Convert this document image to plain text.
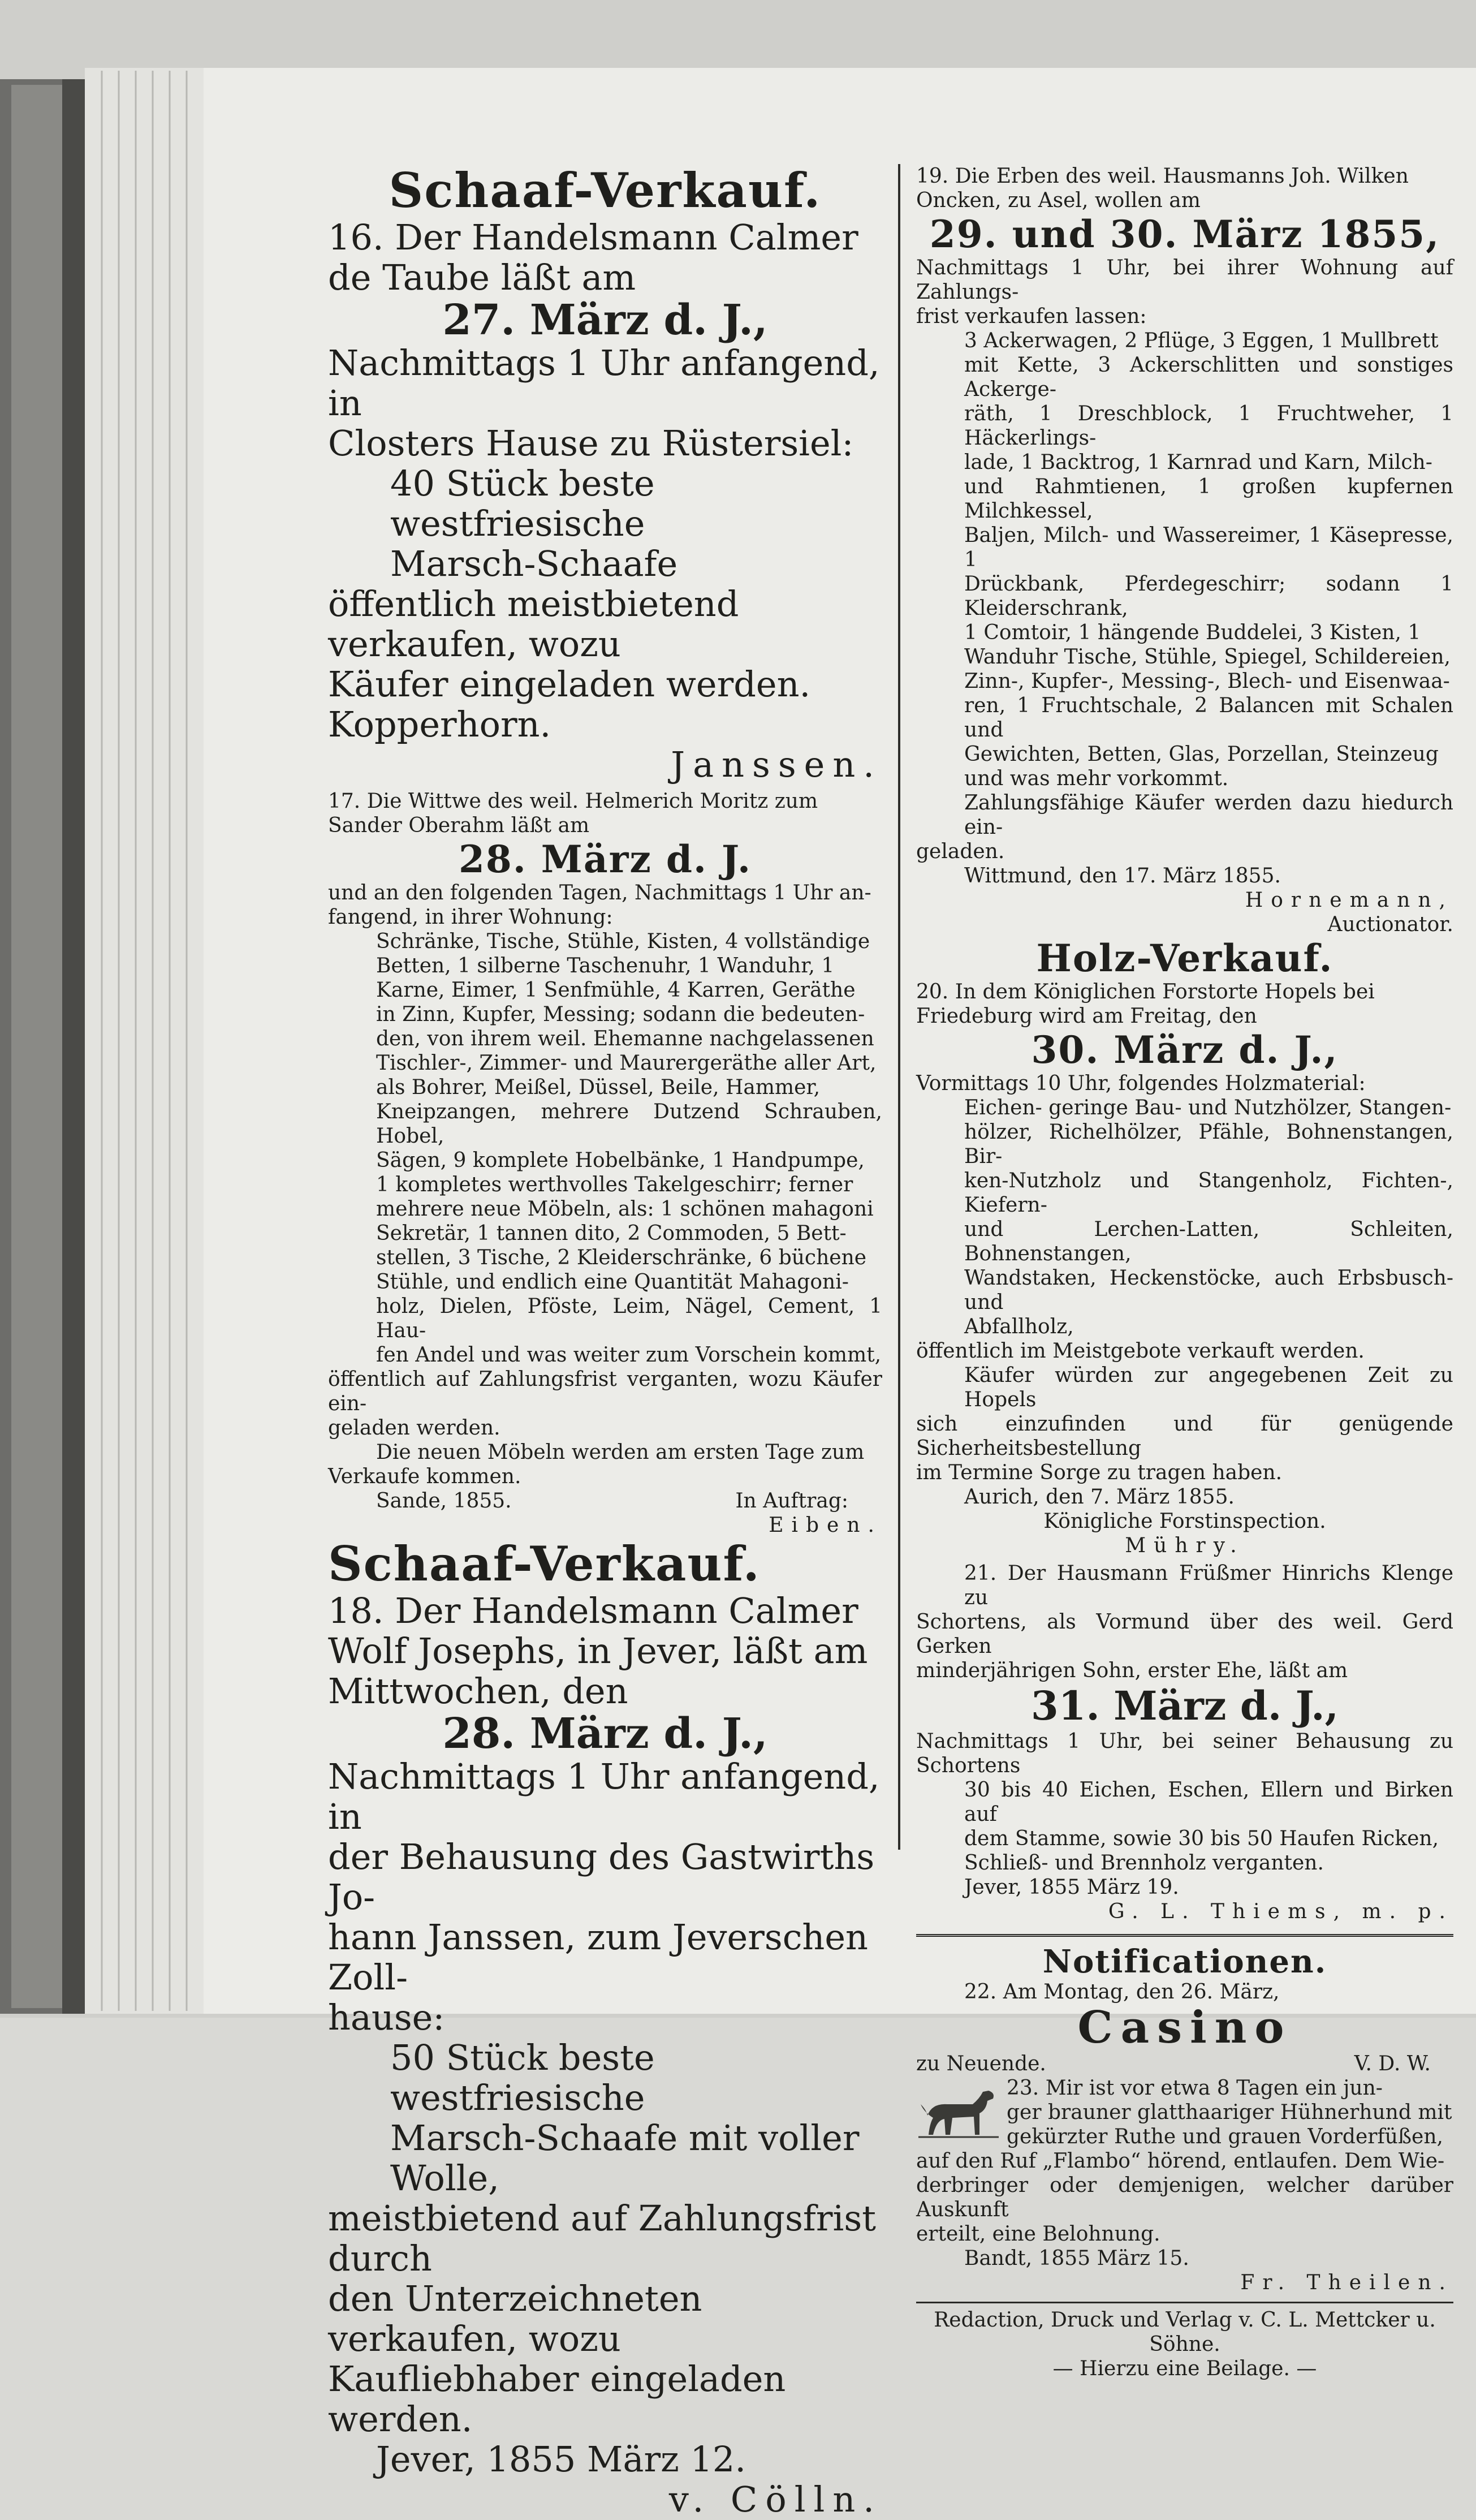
Schaaf-Verkauf.

16. Der Handelsmann Calmer

de Taube läßt am

27. März d. J.,

Nachmittags 1 Uhr anfangend, in

Closters Hause zu Rüstersiel:

40 Stück beste westfriesische

Marsch-Schaafe

öffentlich meistbietend verkaufen, wozu

Käufer eingeladen werden.

Kopperhorn.

Janssen.

17. Die Wittwe des weil. Helmerich Moritz zum

Sander Oberahm läßt am

28. März d. J.

und an den folgenden Tagen, Nachmittags 1 Uhr an-

fangend, in ihrer Wohnung:

Schränke, Tische, Stühle, Kisten, 4 vollständige

Betten, 1 silberne Taschenuhr, 1 Wanduhr, 1

Karne, Eimer, 1 Senfmühle, 4 Karren, Geräthe

in Zinn, Kupfer, Messing; sodann die bedeuten-

den, von ihrem weil. Ehemanne nachgelassenen

Tischler-, Zimmer- und Maurergeräthe aller Art,

als Bohrer, Meißel, Düssel, Beile, Hammer,

Kneipzangen, mehrere Dutzend Schrauben, Hobel,

Sägen, 9 komplete Hobelbänke, 1 Handpumpe,

1 kompletes werthvolles Takelgeschirr; ferner

mehrere neue Möbeln, als: 1 schönen mahagoni

Sekretär, 1 tannen dito, 2 Commoden, 5 Bett-

stellen, 3 Tische, 2 Kleiderschränke, 6 büchene

Stühle, und endlich eine Quantität Mahagoni-

holz, Dielen, Pföste, Leim, Nägel, Cement, 1 Hau-

fen Andel und was weiter zum Vorschein kommt,

öffentlich auf Zahlungsfrist verganten, wozu Käufer ein-

geladen werden.

Die neuen Möbeln werden am ersten Tage zum

Verkaufe kommen.

Sande, 1855.	In Auftrag:

Eiben.

Schaaf-Verkauf.

18. Der Handelsmann Calmer

Wolf Josephs, in Jever, läßt am

Mittwochen, den

28. März d. J.,

Nachmittags 1 Uhr anfangend, in

der Behausung des Gastwirths Jo-

hann Janssen, zum Jeverschen Zoll-

hause:

50 Stück beste westfriesische

Marsch-Schaafe mit voller

Wolle,

meistbietend auf Zahlungsfrist durch

den Unterzeichneten verkaufen, wozu

Kaufliebhaber eingeladen werden.

Jever, 1855 März 12.

v. Cölln.

19. Die Erben des weil. Hausmanns Joh. Wilken

Oncken, zu Asel, wollen am

29. und 30. März 1855,

Nachmittags 1 Uhr, bei ihrer Wohnung auf Zahlungs-

frist verkaufen lassen:

3 Ackerwagen, 2 Pflüge, 3 Eggen, 1 Mullbrett

mit Kette, 3 Ackerschlitten und sonstiges Ackerge-

räth, 1 Dreschblock, 1 Fruchtweher, 1 Häckerlings-

lade, 1 Backtrog, 1 Karnrad und Karn, Milch-

und Rahmtienen, 1 großen kupfernen Milchkessel,

Baljen, Milch- und Wassereimer, 1 Käsepresse, 1

Drückbank, Pferdegeschirr; sodann 1 Kleiderschrank,

1 Comtoir, 1 hängende Buddelei, 3 Kisten, 1

Wanduhr Tische, Stühle, Spiegel, Schildereien,

Zinn-, Kupfer-, Messing-, Blech- und Eisenwaa-

ren, 1 Fruchtschale, 2 Balancen mit Schalen und

Gewichten, Betten, Glas, Porzellan, Steinzeug

und was mehr vorkommt.

Zahlungsfähige Käufer werden dazu hiedurch ein-

geladen.

Wittmund, den 17. März 1855.

Hornemann,

Auctionator.

Holz-Verkauf.

20. In dem Königlichen Forstorte Hopels bei

Friedeburg wird am Freitag, den

30. März d. J.,

Vormittags 10 Uhr, folgendes Holzmaterial:

Eichen- geringe Bau- und Nutzhölzer, Stangen-

hölzer, Richelhölzer, Pfähle, Bohnenstangen, Bir-

ken-Nutzholz und Stangenholz, Fichten-, Kiefern-

und Lerchen-Latten, Schleiten, Bohnenstangen,

Wandstaken, Heckenstöcke, auch Erbsbusch- und

Abfallholz,

öffentlich im Meistgebote verkauft werden.

Käufer würden zur angegebenen Zeit zu Hopels

sich einzufinden und für genügende Sicherheitsbestellung

im Termine Sorge zu tragen haben.

Aurich, den 7. März 1855.

Königliche Forstinspection.

Mühry.

21. Der Hausmann Früßmer Hinrichs Klenge zu

Schortens, als Vormund über des weil. Gerd Gerken

minderjährigen Sohn, erster Ehe, läßt am

31. März d. J.,

Nachmittags 1 Uhr, bei seiner Behausung zu Schortens

30 bis 40 Eichen, Eschen, Ellern und Birken auf

dem Stamme, sowie 30 bis 50 Haufen Ricken,

Schließ- und Brennholz verganten.

Jever, 1855 März 19.

G. L. Thiems, m. p.

Notificationen.

22. Am Montag, den 26. März,

Casino

zu Neuende.	V. D. W.

23. Mir ist vor etwa 8 Tagen ein jun-

ger brauner glatthaariger Hühnerhund mit

gekürzter Ruthe und grauen Vorderfüßen,

auf den Ruf „Flambo“ hörend, entlaufen. Dem Wie-

derbringer oder demjenigen, welcher darüber Auskunft

erteilt, eine Belohnung.

Bandt, 1855 März 15.

Fr. Theilen.

Redaction, Druck und Verlag v. C. L. Mettcker u. Söhne.

— Hierzu eine Beilage. —
